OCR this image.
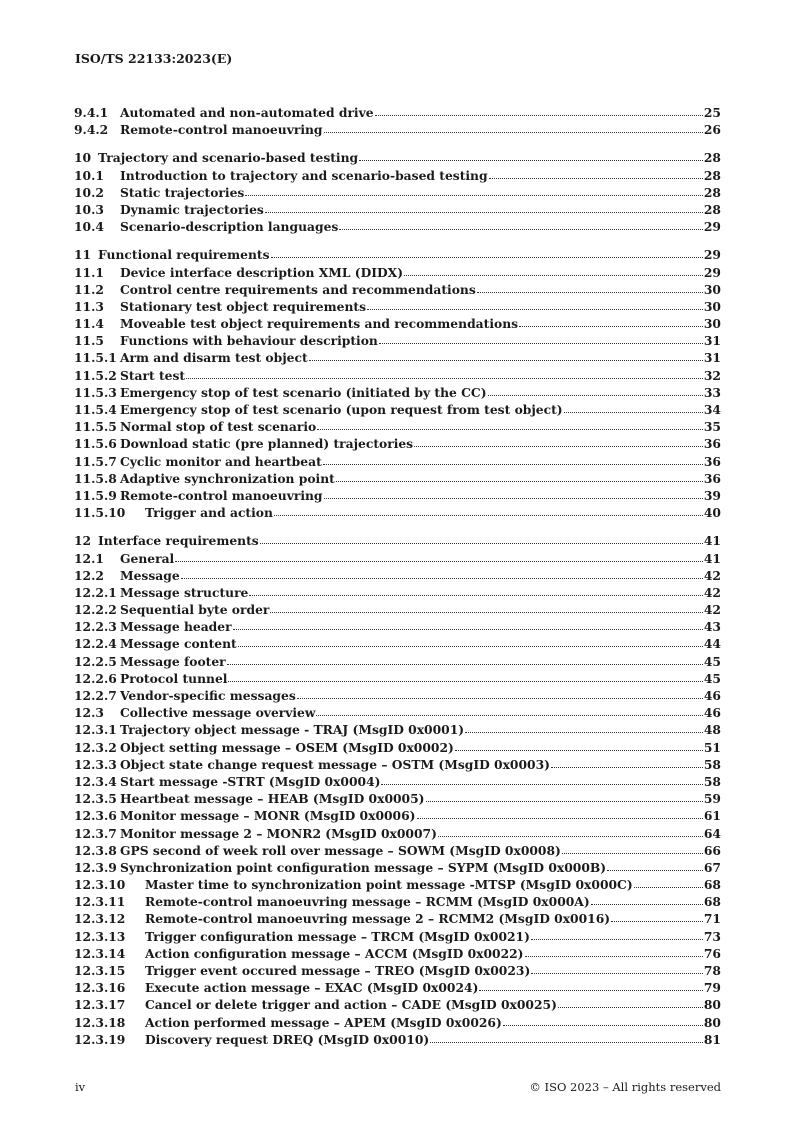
ISO/TS 22133:2023(E)
9.4.1 Automated and non-automated drive	25
9.4.2 Remote-control manoeuvring	26
10 Trajectory and scenario-based testing	28
10.1	Introduction to trajectory and scenario-based testing	28
10.2	Static trajectories	28
10.3	Dynamic trajectories	28
10.4	Scenario-description languages	29
11 Functional requirements	29
11.1	Device interface description XML (DIDX)	29
11.2	Control centre requirements and recommendations	30
11.3	Stationary test object requirements	30
11.4	Moveable test object requirements and recommendations	30
11.5	Functions with behaviour description	31
11.5.1 Arm and disarm test object	31
11.5.2 Start test	32
11.5.3 Emergency stop of test scenario (initiated by the CC)	33
11.5.4 Emergency stop of test scenario (upon request from test object)	34
11.5.5 Normal stop of test scenario	35
11.5.6 Download static (pre planned) trajectories	36
11.5.7 Cyclic monitor and heartbeat	36
11.5.8 Adaptive synchronization point	36
11.5.9 Remote-control manoeuvring	39
11.5.10	Trigger and action	40
12 Interface requirements	41
12.1	General	41
12.2	Message	42
12.2.1 Message structure	42
12.2.2 Sequential byte order	42
12.2.3 Message header	43
12.2.4 Message content	44
12.2.5 Message footer	45
12.2.6 Protocol tunnel	45
12.2.7 Vendor-specific messages	46
12.3	Collective message overview	46
12.3.1 Trajectory object message - TRAJ (MsgID 0x0001)	48
12.3.2 Object setting message – OSEM (MsgID 0x0002)	51
12.3.3 Object state change request message – OSTM (MsgID 0x0003)	58
12.3.4 Start message -STRT (MsgID 0x0004)	58
12.3.5 Heartbeat message – HEAB (MsgID 0x0005)	59
12.3.6 Monitor message – MONR (MsgID 0x0006)	61
12.3.7 Monitor message 2 – MONR2 (MsgID 0x0007)	64
12.3.8 GPS second of week roll over message – SOWM (MsgID 0x0008)	66
12.3.9 Synchronization point configuration message – SYPM (MsgID 0x000B)	67
12.3.10	Master time to synchronization point message -MTSP (MsgID 0x000C)	68
12.3.11	Remote-control manoeuvring message – RCMM (MsgID 0x000A)	68
12.3.12	Remote-control manoeuvring message 2 – RCMM2 (MsgID 0x0016)	71
12.3.13	Trigger configuration message – TRCM (MsgID 0x0021)	73
12.3.14	Action configuration message – ACCM (MsgID 0x0022)	76
12.3.15	Trigger event occured message – TREO (MsgID 0x0023)	78
12.3.16	Execute action message – EXAC (MsgID 0x0024)	79
12.3.17	Cancel or delete trigger and action – CADE (MsgID 0x0025)	80
12.3.18	Action performed message – APEM (MsgID 0x0026)	80
12.3.19	Discovery request DREQ (MsgID 0x0010)	81
iv	© ISO 2023 – All rights reserved
